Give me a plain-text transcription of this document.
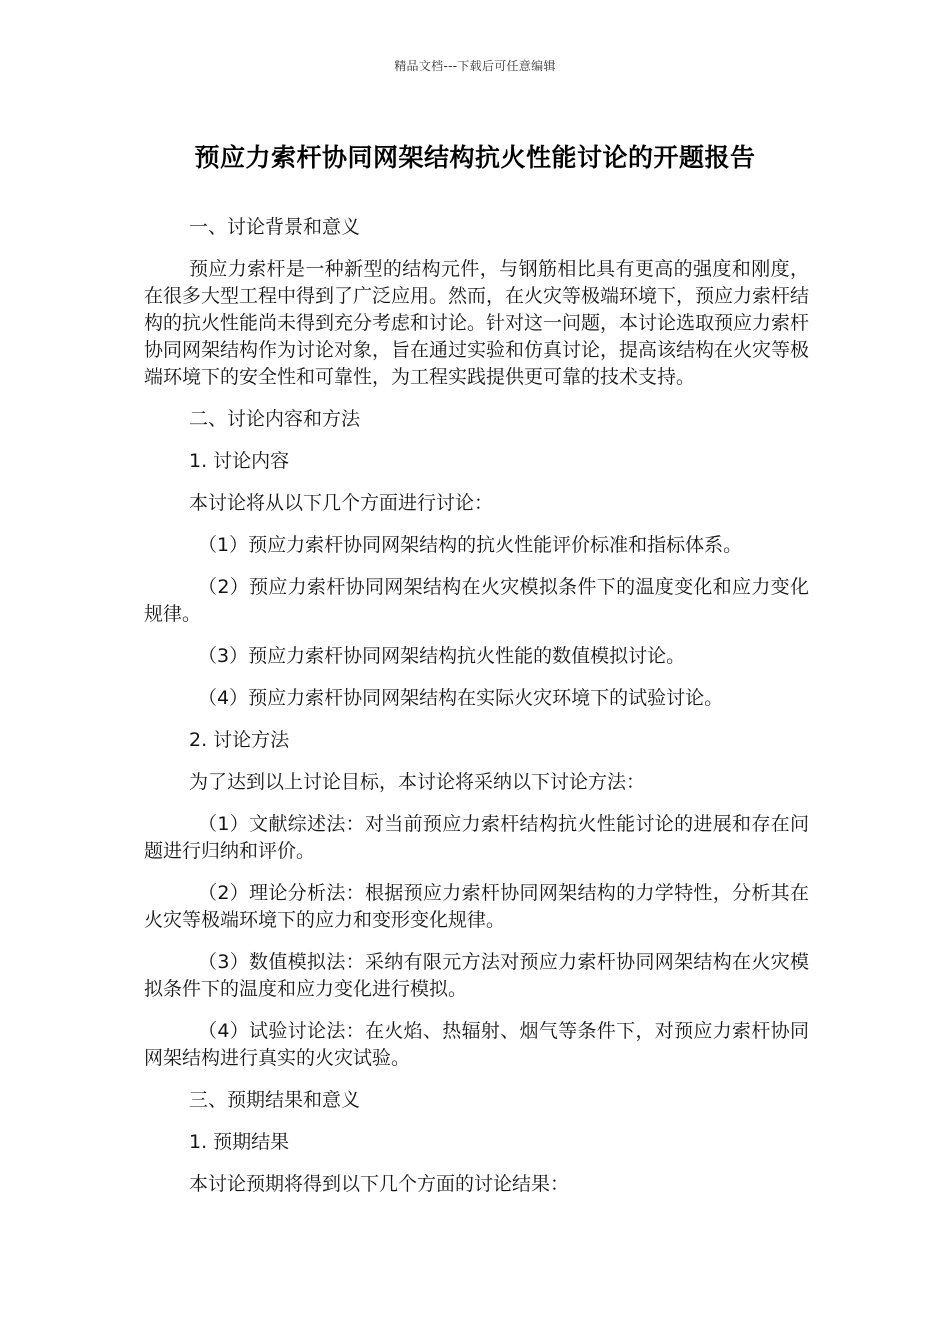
精品文档---下载后可任意编辑
预应力索杆协同网架结构抗火性能讨论的开题报告

一、讨论背景和意义

预应力索杆是一种新型的结构元件，与钢筋相比具有更高的强度和刚度，在很多大型工程中得到了广泛应用。然而，在火灾等极端环境下，预应力索杆结构的抗火性能尚未得到充分考虑和讨论。针对这一问题，本讨论选取预应力索杆协同网架结构作为讨论对象，旨在通过实验和仿真讨论，提高该结构在火灾等极端环境下的安全性和可靠性，为工程实践提供更可靠的技术支持。

二、讨论内容和方法

1. 讨论内容

本讨论将从以下几个方面进行讨论：

（1）预应力索杆协同网架结构的抗火性能评价标准和指标体系。

（2）预应力索杆协同网架结构在火灾模拟条件下的温度变化和应力变化规律。

（3）预应力索杆协同网架结构抗火性能的数值模拟讨论。

（4）预应力索杆协同网架结构在实际火灾环境下的试验讨论。

2. 讨论方法

为了达到以上讨论目标，本讨论将采纳以下讨论方法：

（1）文献综述法：对当前预应力索杆结构抗火性能讨论的进展和存在问题进行归纳和评价。

（2）理论分析法：根据预应力索杆协同网架结构的力学特性，分析其在火灾等极端环境下的应力和变形变化规律。

（3）数值模拟法：采纳有限元方法对预应力索杆协同网架结构在火灾模拟条件下的温度和应力变化进行模拟。

（4）试验讨论法：在火焰、热辐射、烟气等条件下，对预应力索杆协同网架结构进行真实的火灾试验。

三、预期结果和意义

1. 预期结果

本讨论预期将得到以下几个方面的讨论结果：
